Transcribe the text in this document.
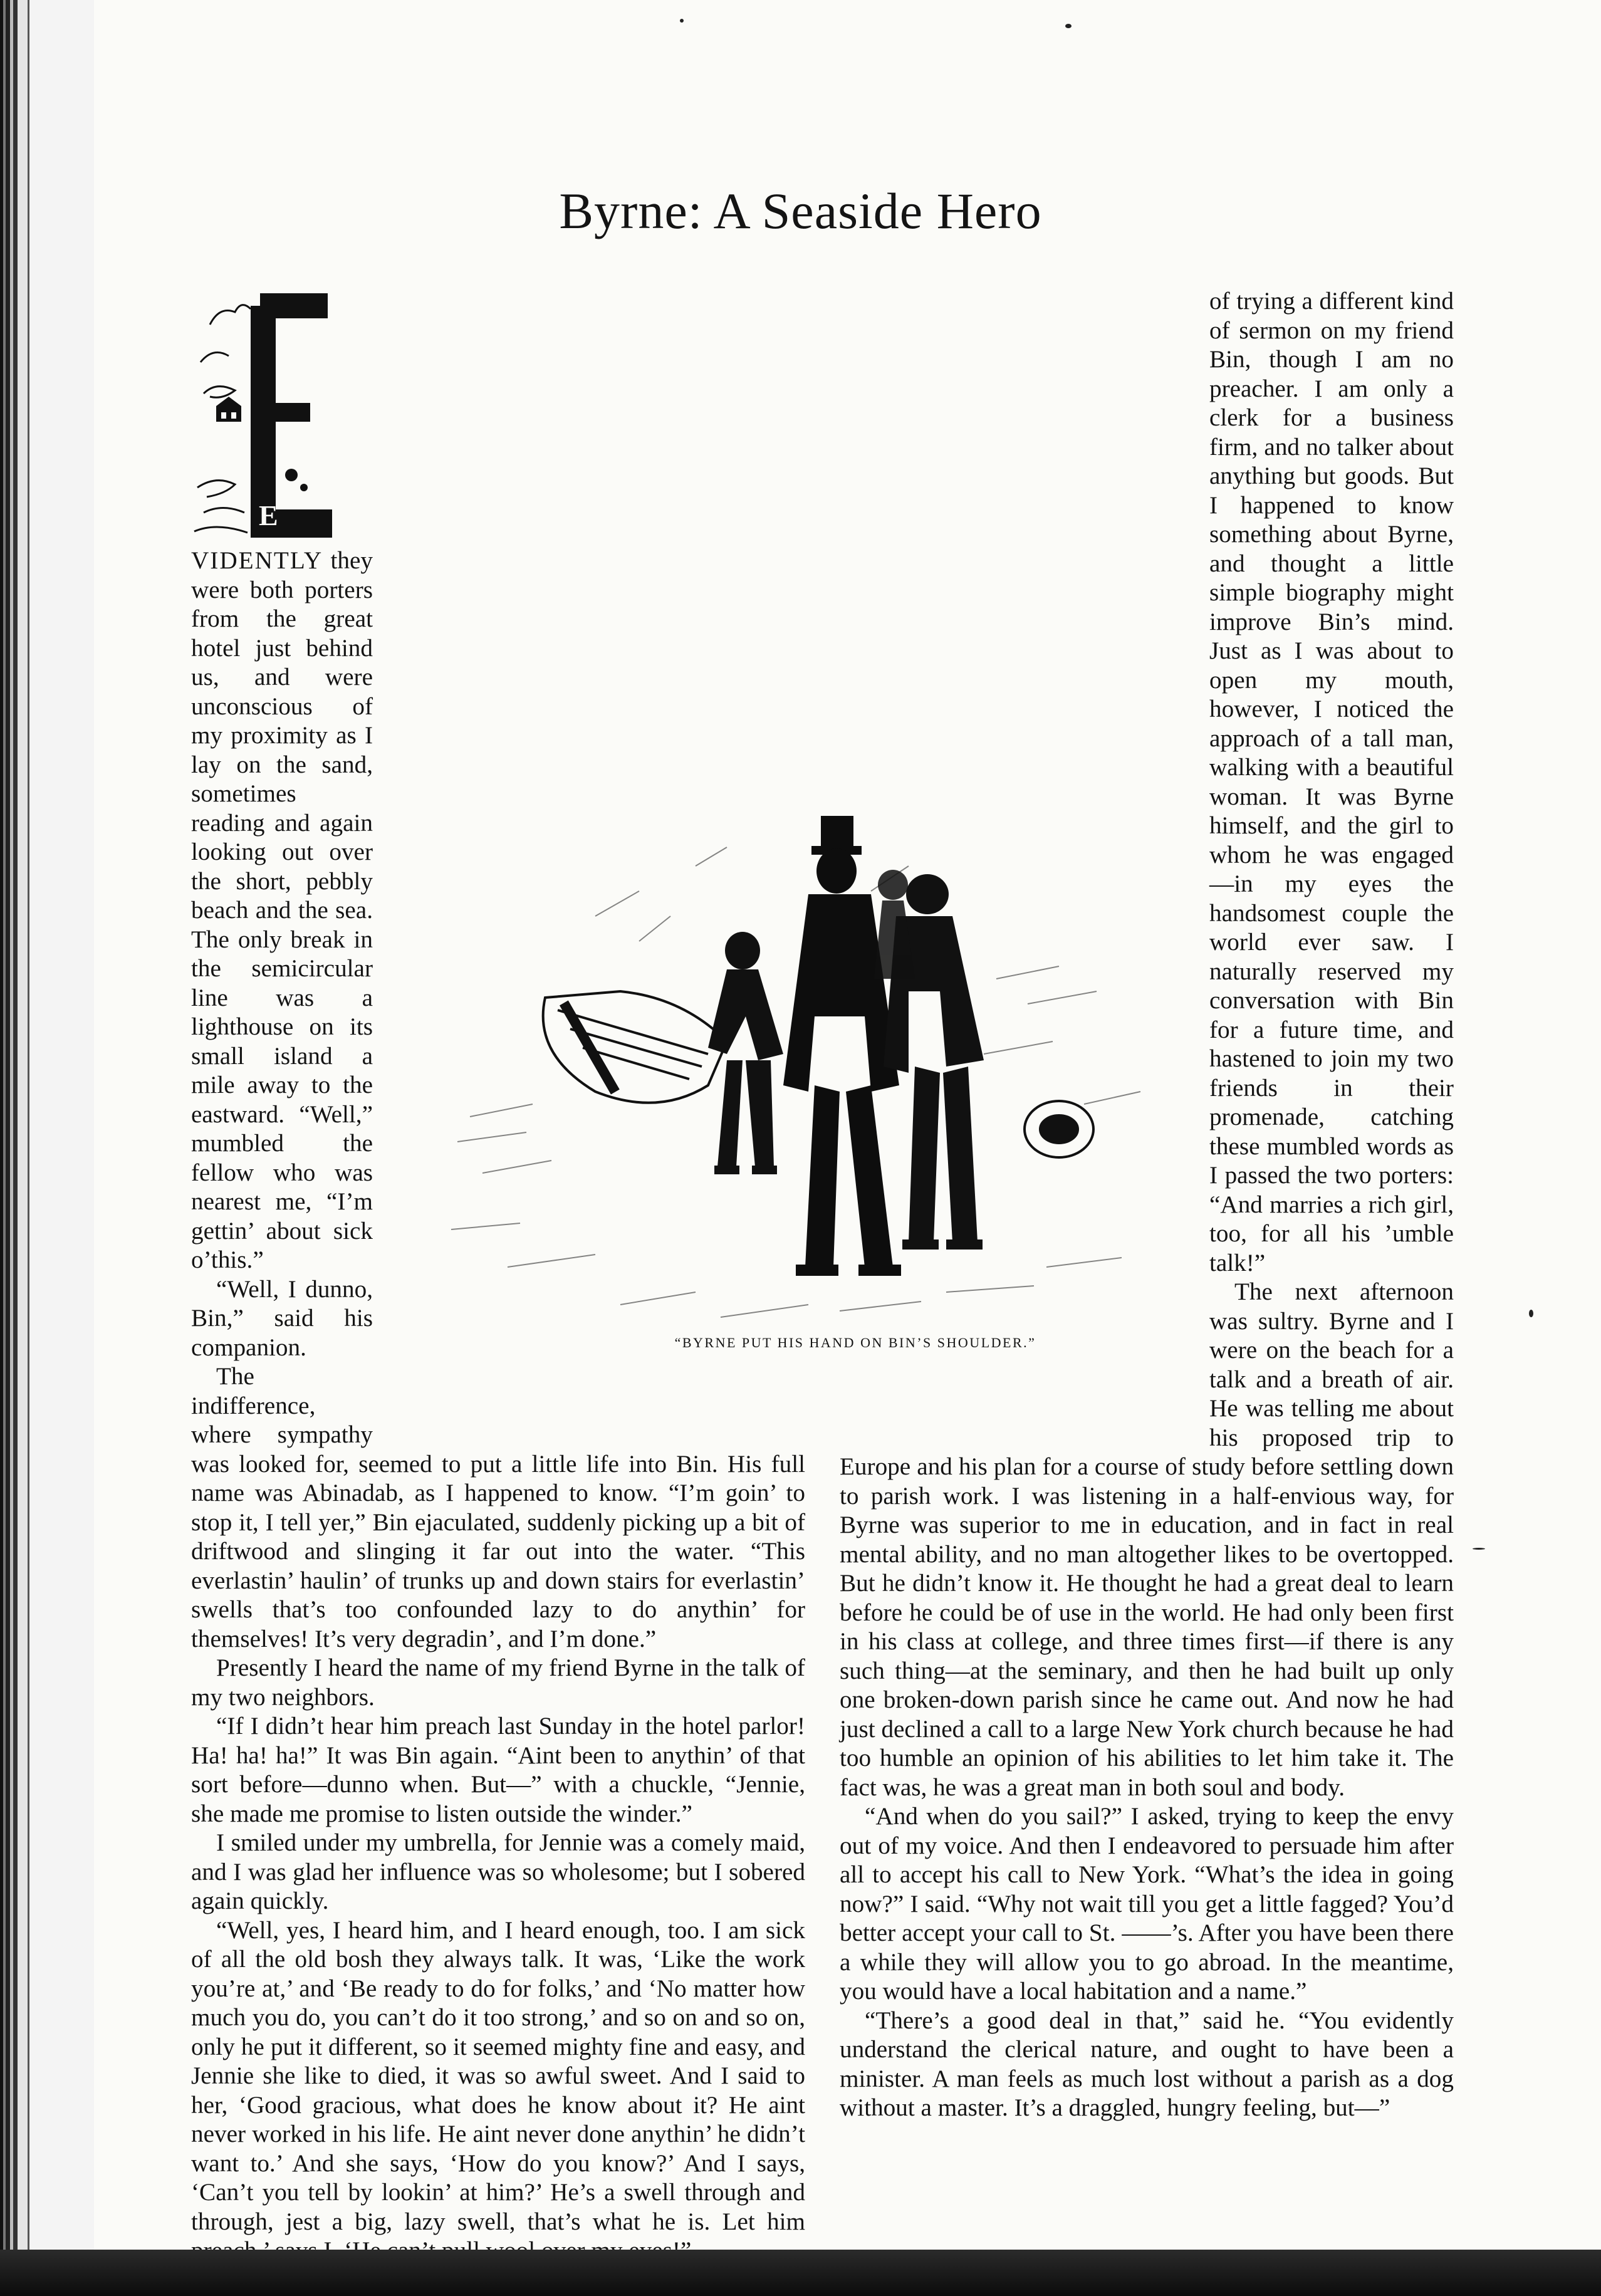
Byrne: A Seaside Hero
E

VIDENTLY they were both porters from the great hotel just behind us, and were unconscious of my proximity as I lay on the sand, sometimes reading and again looking out over the short, pebbly beach and the sea. The only break in the semicircular line was a lighthouse on its small island a mile away to the eastward. “Well,” mumbled the fellow who was nearest me, “I’m gettin’ about sick o’this.”

“Well, I dunno, Bin,” said his companion.

The indifference, where sympathy was looked for, seemed to put a little life into Bin. His full name was Abinadab, as I happened to know. “I’m goin’ to stop it, I tell yer,” Bin ejaculated, suddenly picking up a bit of driftwood and slinging it far out into the water. “This everlastin’ haulin’ of trunks up and down stairs for everlastin’ swells that’s too confounded lazy to do anythin’ for themselves! It’s very degradin’, and I’m done.”

Presently I heard the name of my friend Byrne in the talk of my two neighbors.

“If I didn’t hear him preach last Sunday in the hotel parlor! Ha! ha! ha!” It was Bin again. “Aint been to anythin’ of that sort before—dunno when. But—” with a chuckle, “Jennie, she made me promise to listen outside the winder.”

I smiled under my umbrella, for Jennie was a comely maid, and I was glad her influence was so wholesome; but I sobered again quickly.

“Well, yes, I heard him, and I heard enough, too. I am sick of all the old bosh they always talk. It was, ‘Like the work you’re at,’ and ‘Be ready to do for folks,’ and ‘No matter how much you do, you can’t do it too strong,’ and so on and so on, only he put it different, so it seemed mighty fine and easy, and Jennie she like to died, it was so awful sweet. And I said to her, ‘Good gracious, what does he know about it? He aint never worked in his life. He aint never done anythin’ he didn’t want to.’ And she says, ‘How do you know?’ And I says, ‘Can’t you tell by lookin’ at him?’ He’s a swell through and through, jest a big, lazy swell, that’s what he is. Let him

of trying a different kind of sermon on my friend Bin, though I am no preacher. I am only a clerk for a business firm, and no talker about anything but goods. But I happened to know something about Byrne, and thought a little simple biography might improve Bin’s mind. Just as I was about to open my mouth, however, I noticed the approach of a tall man, walking with a beautiful woman. It was Byrne himself, and the girl to whom he was engaged—in my eyes the handsomest couple the world ever saw. I naturally reserved my conversation with Bin for a future time, and hastened to join my two friends in their promenade, catching these mumbled words as I passed the two porters: “And marries a rich girl, too, for all his ’umble talk!”

The next afternoon was sultry. Byrne and I were on the beach for a talk and a breath of air. He was telling me about his proposed trip to Europe and his plan for a course of study before settling down to parish work. I was listening in a half-envious way, for Byrne was superior to me in education, and in fact in real mental ability, and no man altogether likes to be overtopped. But he didn’t know it. He thought he had a great deal to learn before he could be of use in the world. He had only been first in his class at college, and three times first—if there is any such thing—at the seminary, and then he had built up only one broken-down parish since he came out. And now he had just declined a call to a large New York church because he had too humble an opinion of his abilities to let him take it. The fact was, he was a great man in both soul and body.

“And when do you sail?” I asked, trying to keep the envy out of my voice. And then I endeavored to persuade him after all to accept his call to New York. “What’s the idea in going now?” I said. “Why not wait till you get a little fagged? You’d better accept your call to St. ——’s. After you have been there a while they will allow you to go abroad. In the meantime, you would have a local habitation and a name.”

“There’s a good deal in that,” said he. “You evidently understand the clerical nature, and ought to have been a minister. A man feels as much lost without a parish as a dog without a master. It’s a draggled, hungry feeling, but—”

“BYRNE PUT HIS HAND ON BIN’S SHOULDER.”
